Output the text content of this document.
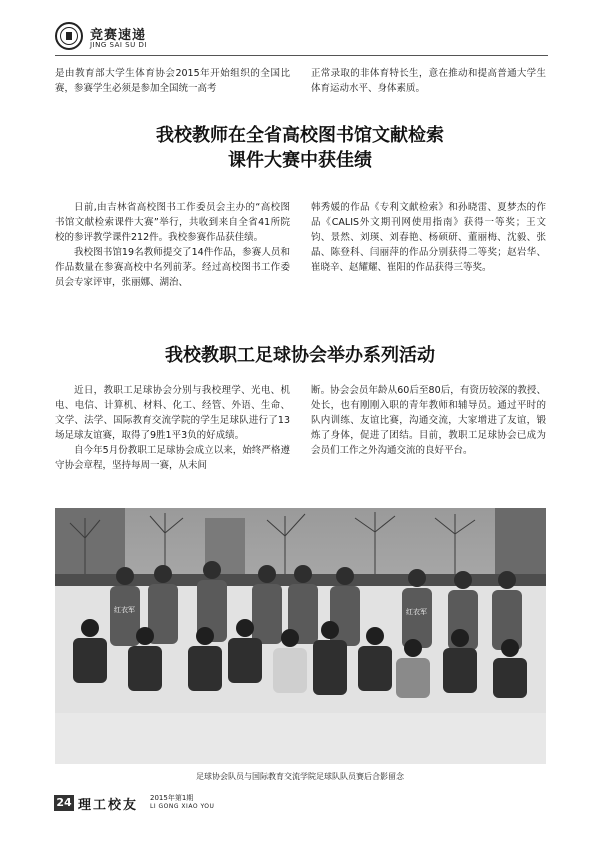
竞赛速递
JING SAI SU DI

是由教育部大学生体育协会2015年开始组织的全国比赛，参赛学生必须是参加全国统一高考

正常录取的非体育特长生，意在推动和提高普通大学生体育运动水平、身体素质。

我校教师在全省高校图书馆文献检索
课件大赛中获佳绩

日前,由吉林省高校图书工作委员会主办的“高校图书馆文献检索课件大赛”举行，共收到来自全省41所院校的参评教学课件212件。我校参赛作品获佳绩。

我校图书馆19名教师提交了14件作品，参赛人员和作品数量在参赛高校中名列前茅。经过高校图书工作委员会专家评审，张丽娜、湖治、

韩秀媛的作品《专利文献检索》和孙晓雷、夏梦杰的作品《CALIS外文期刊网使用指南》获得一等奖；王文钧、景然、刘瑛、刘春艳、杨硕研、董丽梅、沈毅、张晶、陈登科、闫丽萍的作品分别获得二等奖；赵岩华、崔晓辛、赵耀耀、崔阳的作品获得三等奖。

我校教职工足球协会举办系列活动

近日，教职工足球协会分别与我校理学、光电、机电、电信、计算机、材料、化工、经管、外语、生命、文学、法学、国际教育交流学院的学生足球队进行了13场足球友谊赛，取得了9胜1平3负的好成绩。

自今年5月份教职工足球协会成立以来，始终严格遵守协会章程，坚持每周一赛，从未间

断。协会会员年龄从60后至80后，有资历较深的教授、处长，也有刚刚入职的青年教师和辅导员。通过平时的队内训练、友谊比赛，沟通交流，大家增进了友谊，锻炼了身体，促进了团结。目前，教职工足球协会已成为会员们工作之外沟通交流的良好平台。

红衣军	红衣军
足球协会队员与国际教育交流学院足球队队员赛后合影留念
24 理工校友 2015年第1期
LI GONG XIAO YOU
